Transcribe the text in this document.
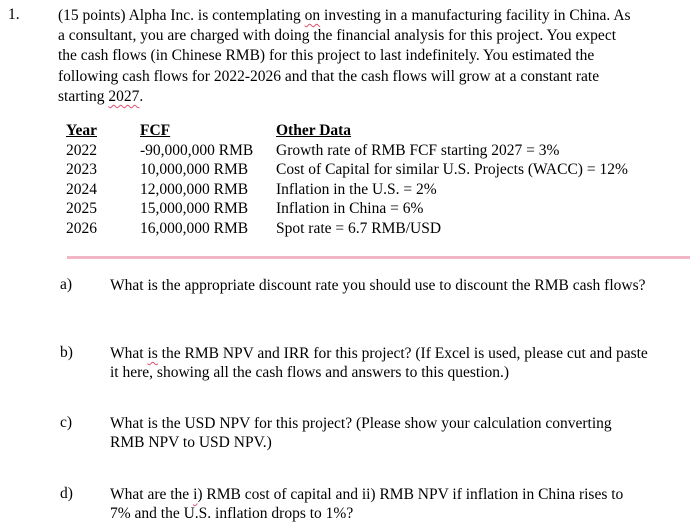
1. (15 points) Alpha Inc. is contemplating on investing in a manufacturing facility in China. As
a consultant, you are charged with doing the financial analysis for this project. You expect
the cash flows (in Chinese RMB) for this project to last indefinitely. You estimated the
following cash flows for 2022-2026 and that the cash flows will grow at a constant rate
starting 2027.
Year
2022
2023
2024
2025
2026
FCF
-90,000,000 RMB
10,000,000 RMB
12,000,000 RMB
15,000,000 RMB
16,000,000 RMB
Other Data
Growth rate of RMB FCF starting 2027 = 3%
Cost of Capital for similar U.S. Projects (WACC) = 12%
Inflation in the U.S. = 2%
Inflation in China = 6%
Spot rate = 6.7 RMB/USD
a) What is the appropriate discount rate you should use to discount the RMB cash flows?
b) What is the RMB NPV and IRR for this project? (If Excel is used, please cut and paste
it here, showing all the cash flows and answers to this question.)
c) What is the USD NPV for this project? (Please show your calculation converting
RMB NPV to USD NPV.)
d) What are the i) RMB cost of capital and ii) RMB NPV if inflation in China rises to
7% and the U.S. inflation drops to 1%?
